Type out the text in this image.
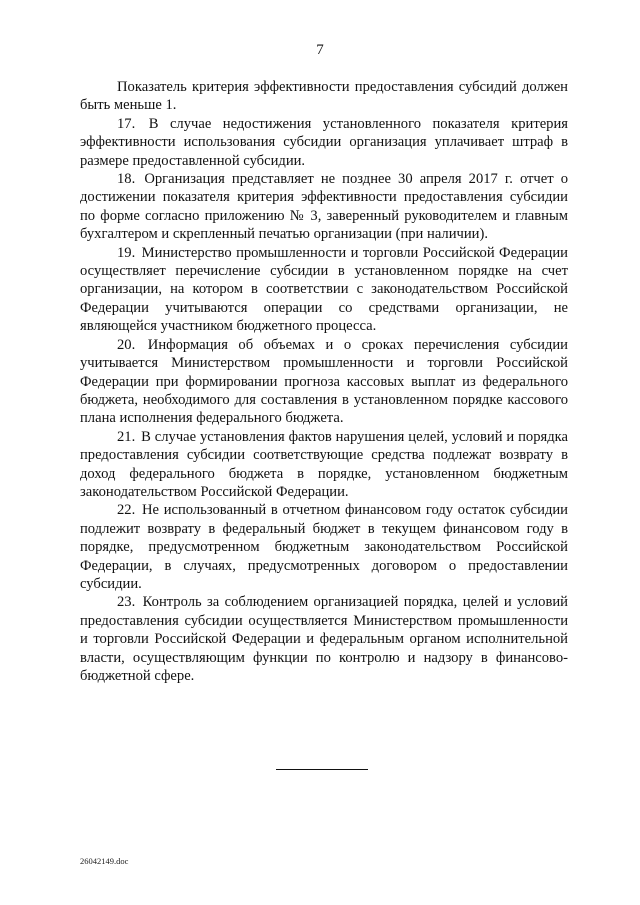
7

Показатель критерия эффективности предоставления субсидий должен быть меньше 1.

17. В случае недостижения установленного показателя критерия эффективности использования субсидии организация уплачивает штраф в размере предоставленной субсидии.

18. Организация представляет не позднее 30 апреля 2017 г. отчет о достижении показателя критерия эффективности предоставления субсидии по форме согласно приложению № 3, заверенный руководителем и главным бухгалтером и скрепленный печатью организации (при наличии).

19. Министерство промышленности и торговли Российской Федерации осуществляет перечисление субсидии в установленном порядке на счет организации, на котором в соответствии с законодательством Российской Федерации учитываются операции со средствами организации, не являющейся участником бюджетного процесса.

20. Информация об объемах и о сроках перечисления субсидии учитывается Министерством промышленности и торговли Российской Федерации при формировании прогноза кассовых выплат из федерального бюджета, необходимого для составления в установленном порядке кассового плана исполнения федерального бюджета.

21. В случае установления фактов нарушения целей, условий и порядка предоставления субсидии соответствующие средства подлежат возврату в доход федерального бюджета в порядке, установленном бюджетным законодательством Российской Федерации.

22. Не использованный в отчетном финансовом году остаток субсидии подлежит возврату в федеральный бюджет в текущем финансовом году в порядке, предусмотренном бюджетным законодательством Российской Федерации, в случаях, предусмотренных договором о предоставлении субсидии.

23. Контроль за соблюдением организацией порядка, целей и условий предоставления субсидии осуществляется Министерством промышленности и торговли Российской Федерации и федеральным органом исполнительной власти, осуществляющим функции по контролю и надзору в финансово-бюджетной сфере.

26042149.doc
